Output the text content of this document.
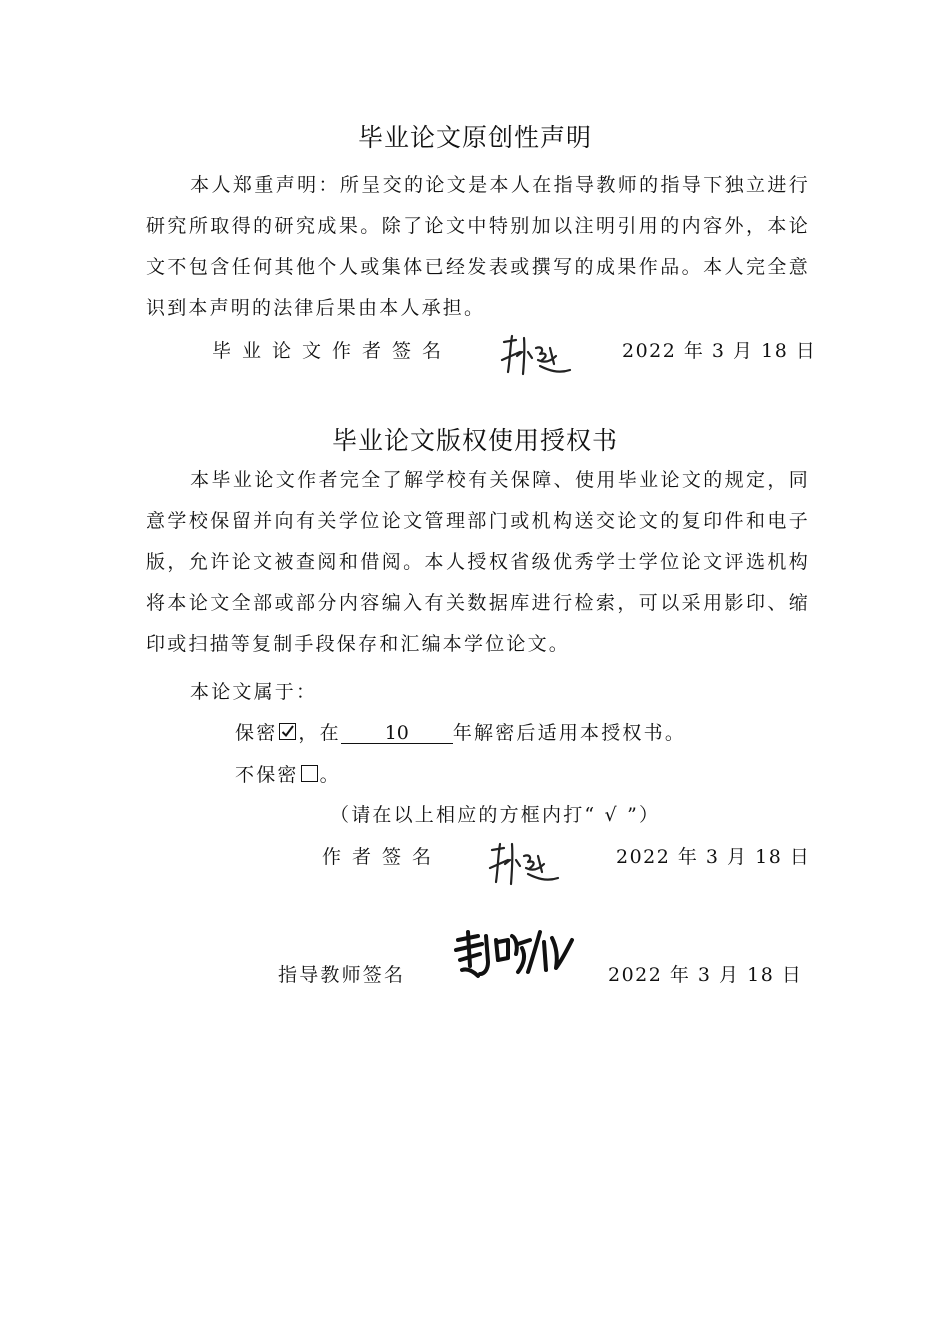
毕业论文原创性声明
本人郑重声明：所呈交的论文是本人在指导教师的指导下独立进行研究所取得的研究成果。除了论文中特别加以注明引用的内容外，本论文不包含任何其他个人或集体已经发表或撰写的成果作品。本人完全意识到本声明的法律后果由本人承担。
毕业论文作者签名	2022 年 3 月 18 日
毕业论文版权使用授权书
本毕业论文作者完全了解学校有关保障、使用毕业论文的规定，同意学校保留并向有关学位论文管理部门或机构送交论文的复印件和电子版，允许论文被查阅和借阅。本人授权省级优秀学士学位论文评选机构将本论文全部或部分内容编入有关数据库进行检索，可以采用影印、缩印或扫描等复制手段保存和汇编本学位论文。
本论文属于：
保密 ，在 10 年解密后适用本授权书。
不保密 。
（请在以上相应的方框内打“ √ ”）
作者签名	2022 年 3 月 18 日
指导教师签名	2022 年 3 月 18 日
